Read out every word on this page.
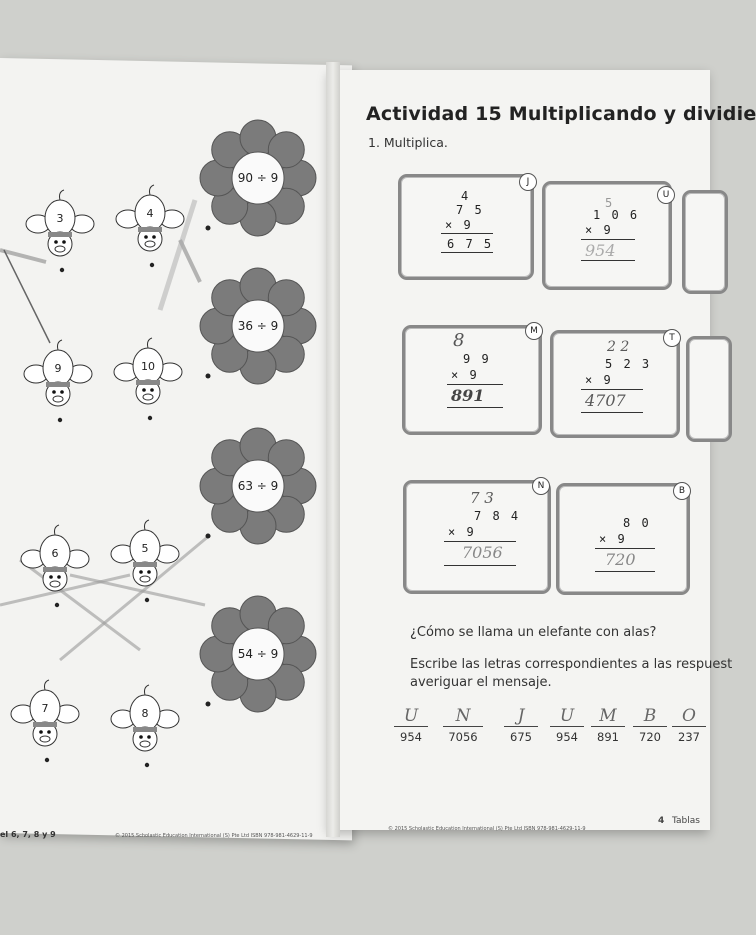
90 ÷ 9
36 ÷ 9
63 ÷ 9
54 ÷ 9
3	4
9	10
6	5
7	8
el 6, 7, 8 y 9	© 2015 Scholastic Education International (S) Pte Ltd ISBN 978-981-4629-11-9
Actividad 15 Multiplicando y dividie
1. Multiplica.
J
4
7 5
× 9
6 7 5
U
5
1 0 6
× 9
954
M
8
9 9
× 9
891
T
2 2
5 2 3
× 9
4707
N
7 3
7 8 4
× 9
7056
B
8 0
× 9
720
¿Cómo se llama un elefante con alas?
Escribe las letras correspondientes a las respuest
averiguar el mensaje.
U
954
N
7056
J
675
U
954
M
891
B
720
O
237
© 2015 Scholastic Education International (S) Pte Ltd ISBN 978-981-4629-11-9
4 Tablas
